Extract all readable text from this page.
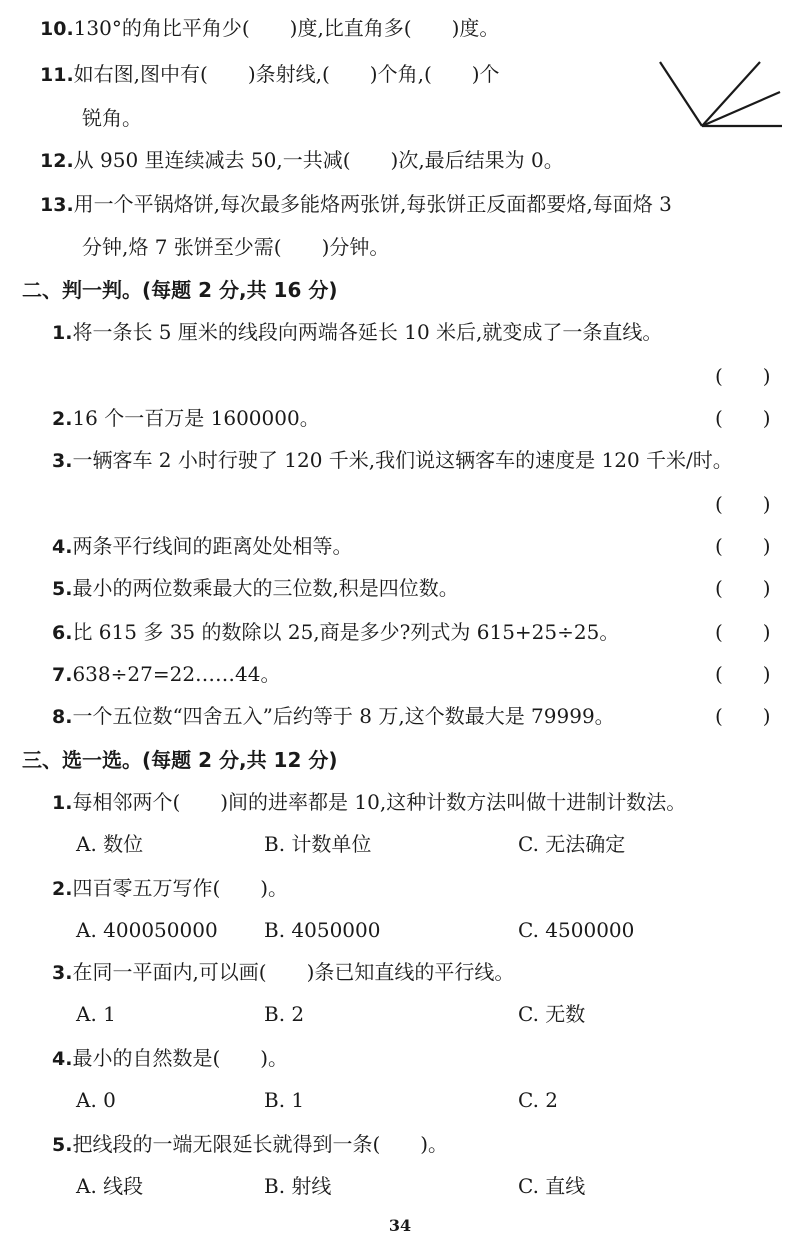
10.130°的角比平角少(　　)度,比直角多(　　)度。
11.如右图,图中有(　　)条射线,(　　)个角,(　　)个
锐角。
12.从 950 里连续减去 50,一共减(　　)次,最后结果为 0。
13.用一个平锅烙饼,每次最多能烙两张饼,每张饼正反面都要烙,每面烙 3
分钟,烙 7 张饼至少需(　　)分钟。
二、判一判。(每题 2 分,共 16 分)
1.将一条长 5 厘米的线段向两端各延长 10 米后,就变成了一条直线。
(　　)
2.16 个一百万是 1600000。	(　　)
3.一辆客车 2 小时行驶了 120 千米,我们说这辆客车的速度是 120 千米/时。
(　　)
4.两条平行线间的距离处处相等。	(　　)
5.最小的两位数乘最大的三位数,积是四位数。	(　　)
6.比 615 多 35 的数除以 25,商是多少?列式为 615+25÷25。	(　　)
7.638÷27=22……44。	(　　)
8.一个五位数“四舍五入”后约等于 8 万,这个数最大是 79999。	(　　)
三、选一选。(每题 2 分,共 12 分)
1.每相邻两个(　　)间的进率都是 10,这种计数方法叫做十进制计数法。
A. 数位	B. 计数单位	C. 无法确定
2.四百零五万写作(　　)。
A. 400050000 B. 4050000	C. 4500000
3.在同一平面内,可以画(　　)条已知直线的平行线。
A. 1	B. 2	C. 无数
4.最小的自然数是(　　)。
A. 0	B. 1	C. 2
5.把线段的一端无限延长就得到一条(　　)。
A. 线段	B. 射线	C. 直线
34
